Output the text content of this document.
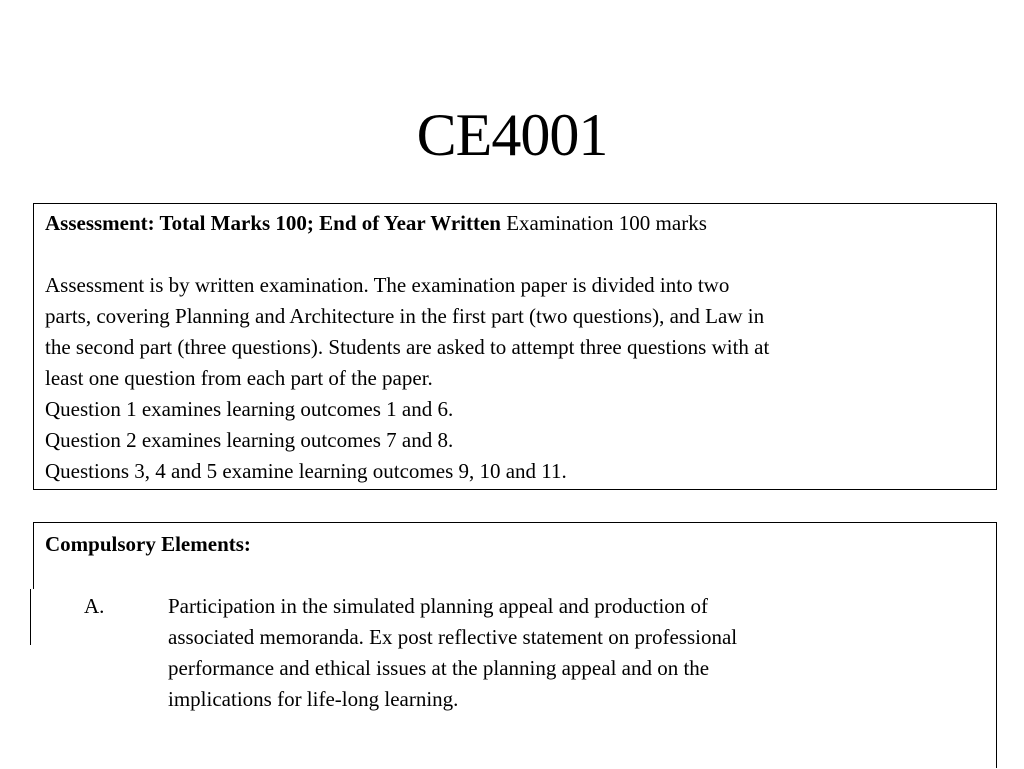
CE4001
Assessment: Total Marks 100; End of Year Written Examination 100 marks
Assessment is by written examination. The examination paper is divided into two
parts, covering Planning and Architecture in the first part (two questions), and Law in
the second part (three questions). Students are asked to attempt three questions with at
least one question from each part of the paper.
Question 1 examines learning outcomes 1 and 6.
Question 2 examines learning outcomes 7 and 8.
Questions 3, 4 and 5 examine learning outcomes 9, 10 and 11.
Compulsory Elements:
A.	Participation in the simulated planning appeal and production of
associated memoranda. Ex post reflective statement on professional
performance and ethical issues at the planning appeal and on the
implications for life-long learning.
